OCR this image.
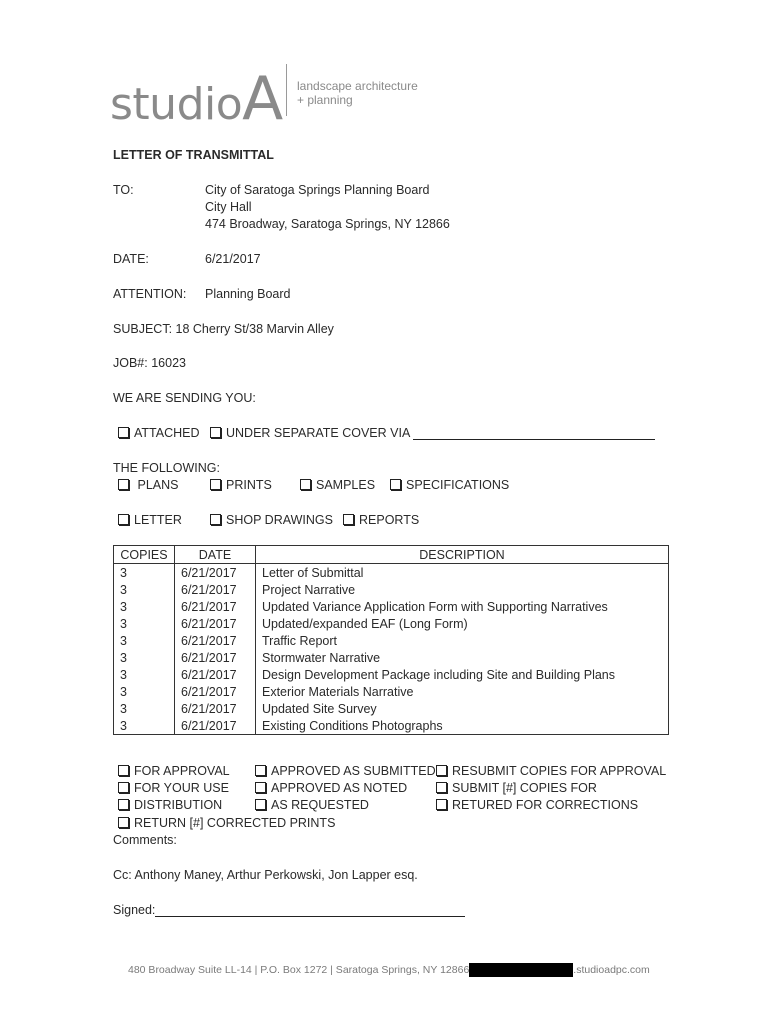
studioA landscape architecture
+ planning
LETTER OF TRANSMITTAL
TO:	City of Saratoga Springs Planning Board
City Hall
474 Broadway, Saratoga Springs, NY 12866
DATE:	6/21/2017
ATTENTION: Planning Board
SUBJECT: 18 Cherry St/38 Marvin Alley
JOB#: 16023
WE ARE SENDING YOU:
ATTACHED	UNDER SEPARATE COVER VIA
THE FOLLOWING:
PLANS	PRINTS	SAMPLES	SPECIFICATIONS
LETTER	SHOP DRAWINGS	REPORTS
COPIES	DATE	DESCRIPTION
3	6/21/2017	Letter of Submittal
3	6/21/2017	Project Narrative
3	6/21/2017	Updated Variance Application Form with Supporting Narratives
3	6/21/2017	Updated/expanded EAF (Long Form)
3	6/21/2017	Traffic Report
3	6/21/2017	Stormwater Narrative
3	6/21/2017	Design Development Package including Site and Building Plans
3	6/21/2017	Exterior Materials Narrative
3	6/21/2017	Updated Site Survey
3	6/21/2017	Existing Conditions Photographs
FOR APPROVAL	APPROVED AS SUBMITTED	RESUBMIT COPIES FOR APPROVAL
FOR YOUR USE	APPROVED AS NOTED	SUBMIT [#] COPIES FOR
DISTRIBUTION	AS REQUESTED	RETURED FOR CORRECTIONS
RETURN [#] CORRECTED PRINTS
Comments:
Cc: Anthony Maney, Arthur Perkowski, Jon Lapper esq.
Signed:
480 Broadway Suite LL-14 | P.O. Box 1272 | Saratoga Springs, NY 12866	.studioadpc.com
